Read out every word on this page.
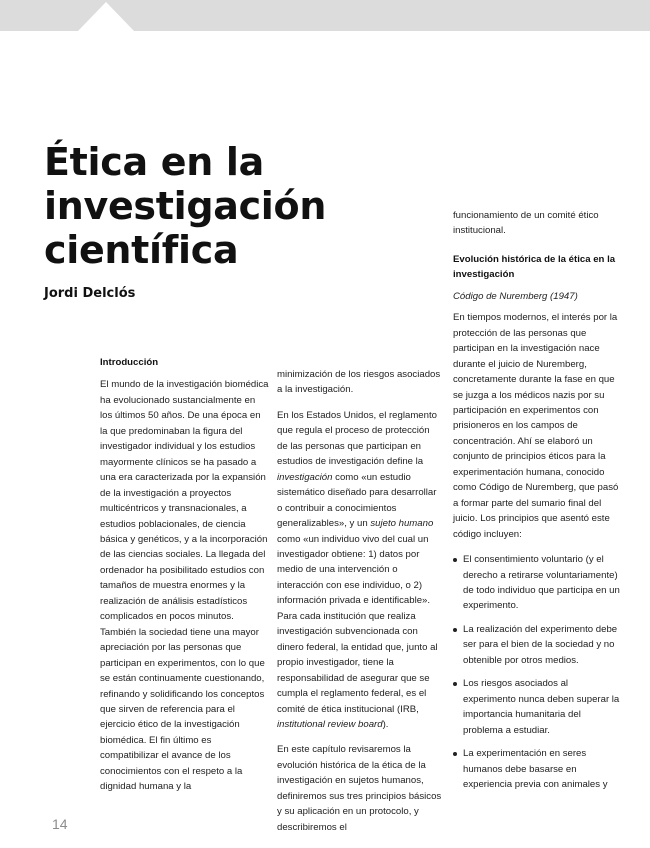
Ética en la
investigación
científica

Jordi Delclós

Introducción

El mundo de la investigación biomédica ha evolucionado sustancialmente en los últimos 50 años. De una época en la que predominaban la figura del investigador individual y los estudios mayormente clínicos se ha pasado a una era caracterizada por la expansión de la investigación a proyectos multicéntricos y transnacionales, a estudios poblacionales, de ciencia básica y genéticos, y a la incorporación de las ciencias sociales. La llegada del ordenador ha posibilitado estudios con tamaños de muestra enormes y la realización de análisis estadísticos complicados en pocos minutos. También la sociedad tiene una mayor apreciación por las personas que participan en experimentos, con lo que se están continuamente cuestionando, refinando y solidificando los conceptos que sirven de referencia para el ejercicio ético de la investigación biomédica. El fin último es compatibilizar el avance de los conocimientos con el respeto a la dignidad humana y la

minimización de los riesgos asociados a la investigación.

En los Estados Unidos, el reglamento que regula el proceso de protección de las personas que participan en estudios de investigación define la investigación como «un estudio sistemático diseñado para desarrollar o contribuir a conocimientos generalizables», y un sujeto humano como «un individuo vivo del cual un investigador obtiene: 1) datos por medio de una intervención o interacción con ese individuo, o 2) información privada e identificable». Para cada institución que realiza investigación subvencionada con dinero federal, la entidad que, junto al propio investigador, tiene la responsabilidad de asegurar que se cumpla el reglamento federal, es el comité de ética institucional (IRB, institutional review board).

En este capítulo revisaremos la evolución histórica de la ética de la investigación en sujetos humanos, definiremos sus tres principios básicos y su aplicación en un protocolo, y describiremos el

funcionamiento de un comité ético institucional.

Evolución histórica de la ética en la investigación
Código de Nuremberg (1947)

En tiempos modernos, el interés por la protección de las personas que participan en la investigación nace durante el juicio de Nuremberg, concretamente durante la fase en que se juzga a los médicos nazis por su participación en experimentos con prisioneros en los campos de concentración. Ahí se elaboró un conjunto de principios éticos para la experimentación humana, conocido como Código de Nuremberg, que pasó a formar parte del sumario final del juicio. Los principios que asentó este código incluyen:

El consentimiento voluntario (y el derecho a retirarse voluntariamente) de todo individuo que participa en un experimento.
La realización del experimento debe ser para el bien de la sociedad y no obtenible por otros medios.
Los riesgos asociados al experimento nunca deben superar la importancia humanitaria del problema a estudiar.
La experimentación en seres humanos debe basarse en experiencia previa con animales y
14
